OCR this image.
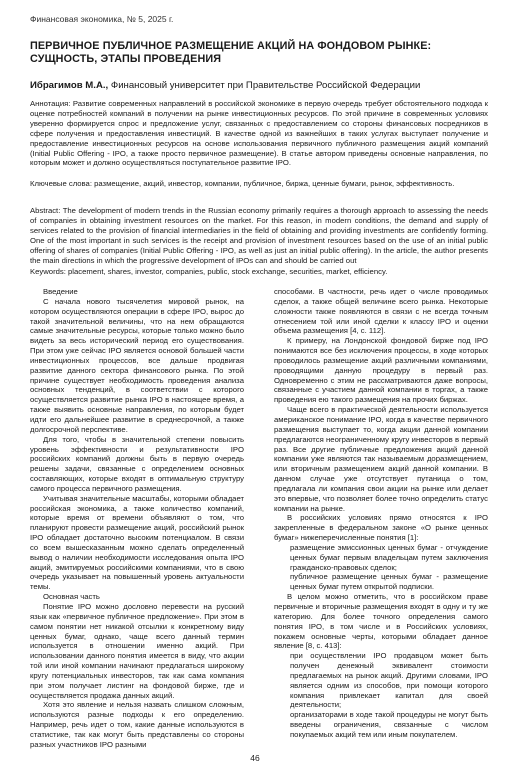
Финансовая экономика, № 5, 2025 г.
ПЕРВИЧНОЕ ПУБЛИЧНОЕ РАЗМЕЩЕНИЕ АКЦИЙ НА ФОНДОВОМ РЫНКЕ: СУЩНОСТЬ, ЭТАПЫ ПРОВЕДЕНИЯ
Ибрагимов М.А., Финансовый университет при Правительстве Российской Федерации

Аннотация: Развитие современных направлений в российской экономике в первую очередь требует обстоятельного подхода к оценке потребностей компаний в получении на рынке инвестиционных ресурсов. По этой причине в современных условиях уверенно формируется спрос и предложение услуг, связанных с предоставлением со стороны финансовых посредников в сфере получения и предоставления инвестиций. В качестве одной из важнейших в таких услугах выступает получение и предоставление инвестиционных ресурсов на основе использования первичного публичного размещения акций компаний (Initial Public Offering - IPO, а также просто первичное размещение). В статье автором приведены основные направления, по которым может и должно осуществляться поступательное развитие IPO.

Ключевые слова: размещение, акций, инвестор, компании, публичное, биржа, ценные бумаги, рынок, эффективность.

Abstract: The development of modern trends in the Russian economy primarily requires a thorough approach to assessing the needs of companies in obtaining investment resources on the market. For this reason, in modern conditions, the demand and supply of services related to the provision of financial intermediaries in the field of obtaining and providing investments are confidently forming. One of the most important in such services is the receipt and provision of investment resources based on the use of an initial public offering of shares of companies (Initial Public Offering - IPO, as well as just an initial public offering). In the article, the author presents the main directions in which the progressive development of IPOs can and should be carried out

Keywords: placement, shares, investor, companies, public, stock exchange, securities, market, efficiency.

Введение

С начала нового тысячелетия мировой рынок, на котором осуществляются операции в сфере IPO, вырос до такой значительной величины, что на нем обращаются самые значительные ресурсы, которые только можно было видеть за весь исторический период его существования. При этом уже сейчас IPO является основой большей части инвестиционных процессов, все дальше продвигая развитие данного сектора финансового рынка. По этой причине существует необходимость проведения анализа основных тенденций, в соответствии с которого осуществляется развитие рынка IPO в настоящее время, а также выявить основные направления, по которым будет идти его дальнейшее развитие в среднесрочной, а также долгосрочной перспективе.

Для того, чтобы в значительной степени повысить уровень эффективности и результативности IPO российских компаний должны быть в первую очередь решены задачи, связанные с определением основных составляющих, которые входят в оптимальную структуру самого процесса первичного размещения.

Учитывая значительные масштабы, которыми обладает российская экономика, а также количество компаний, которые время от времени объявляют о том, что планируют провести размещение акций, российский рынок IPO обладает достаточно высоким потенциалом. В связи со всем вышесказанным можно сделать определенный вывод о наличии необходимости исследования опыта IPO акций, эмитируемых российскими компаниями, что в свою очередь указывает на повышенный уровень актуальности темы.

Основная часть

Понятие IPO можно дословно перевести на русский язык как «первичное публичное предложение». При этом в самом понятии нет никакой отсылки к конкретному виду ценных бумаг, однако, чаще всего данный термин используется в отношении именно акций. При использовании данного понятия имеется в виду, что акции той или иной компании начинают предлагаться широкому кругу потенциальных инвесторов, так как сама компания при этом получает листинг на фондовой бирже, где и осуществляется продажа данных акций.

Хотя это явление и нельзя назвать слишком сложным, используются разные подходы к его определению. Например, речь идет о том, какие данные используются в статистике, так как могут быть представлены со стороны разных участников IPO разными

способами. В частности, речь идет о числе проводимых сделок, а также общей величине всего рынка. Некоторые сложности также появляются в связи с не всегда точным отнесением той или иной сделки к классу IPO и оценки объема размещения [4, с. 112].

К примеру, на Лондонской фондовой бирже под IPO понимаются все без исключения процессы, в ходе которых проводилось размещение акций различными компаниями, проводящими данную процедуру в первый раз. Одновременно с этим не рассматриваются даже вопросы, связанные с участием данной компании в торгах, а также проведения ею такого размещения на прочих биржах.

Чаще всего в практической деятельности используется американское понимание IPO, когда в качестве первичного размещения выступает то, когда акции данной компании предлагаются неограниченному кругу инвесторов в первый раз. Все другие публичные предложения акций данной компании уже являются так называемым доразмещением, или вторичным размещением акций данной компании. В данном случае уже отсутствует путаница о том, предлагала ли компания свои акции на рынке или делает это впервые, что позволяет более точно определить статус компании на рынке.

В российских условиях прямо относятся к IPO закрепленные в федеральном законе «О рынке ценных бумаг» нижеперечисленные понятия [1]:

размещение эмиссионных ценных бумаг - отчуждение ценных бумаг первым владельцам путем заключения гражданско-правовых сделок;

публичное размещение ценных бумаг - размещение ценных бумаг путем открытой подписки.

В целом можно отметить, что в российском праве первичные и вторичные размещения входят в одну и ту же категорию. Для более точного определения самого понятия IPO, в том числе и в Российских условиях, покажем основные черты, которыми обладает данное явление [8, с. 413]:

при осуществлении IPO продавцом может быть получен денежный эквивалент стоимости предлагаемых на рынок акций. Другими словами, IPO является одним из способов, при помощи которого компания привлекает капитал для своей деятельности;

организаторами в ходе такой процедуры не могут быть введены ограничения, связанные с числом покупаемых акций тем или иным покупателем.

46
